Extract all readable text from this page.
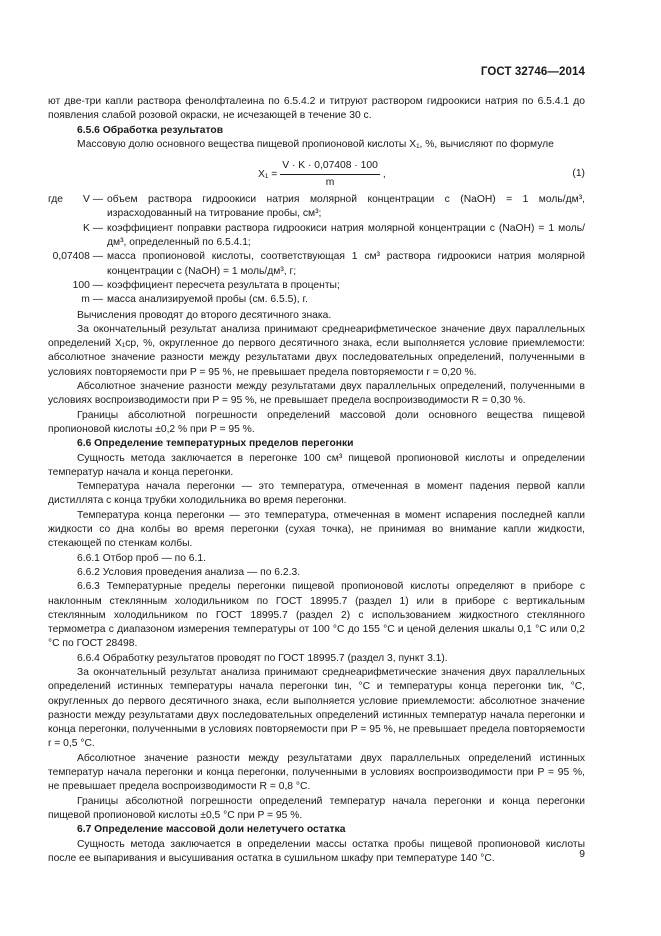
ГОСТ 32746—2014

ют две-три капли раствора фенолфталеина по 6.5.4.2 и титруют раствором гидроокиси натрия по 6.5.4.1 до появления слабой розовой окраски, не исчезающей в течение 30 с.

6.5.6 Обработка результатов

Массовую долю основного вещества пищевой пропионовой кислоты X₁, %, вычисляют по формуле

$X_1 = \frac{V \cdot K \cdot 0,07408 \cdot 100}{m}$ ,	(1)
где	V — объем раствора гидроокиси натрия молярной концентрации c (NaOH) = 1 моль/дм³, израсходованный на титрование пробы, см³;
K — коэффициент поправки раствора гидроокиси натрия молярной концентрации c (NaOH) = 1 моль/дм³, определенный по 6.5.4.1;
0,07408 — масса пропионовой кислоты, соответствующая 1 см³ раствора гидроокиси натрия молярной концентрации c (NaOH) = 1 моль/дм³, г;
100 — коэффициент пересчета результата в проценты;
m — масса анализируемой пробы (см. 6.5.5), г.

Вычисления проводят до второго десятичного знака.

За окончательный результат анализа принимают среднеарифметическое значение двух параллельных определений X₁ср, %, округленное до первого десятичного знака, если выполняется условие приемлемости: абсолютное значение разности между результатами двух последовательных определений, полученными в условиях повторяемости при P = 95 %, не превышает предела повторяемости r = 0,20 %.

Абсолютное значение разности между результатами двух параллельных определений, полученными в условиях воспроизводимости при P = 95 %, не превышает предела воспроизводимости R = 0,30 %.

Границы абсолютной погрешности определений массовой доли основного вещества пищевой пропионовой кислоты ±0,2 % при P = 95 %.

6.6 Определение температурных пределов перегонки

Сущность метода заключается в перегонке 100 см³ пищевой пропионовой кислоты и определении температур начала и конца перегонки.

Температура начала перегонки — это температура, отмеченная в момент падения первой капли дистиллята с конца трубки холодильника во время перегонки.

Температура конца перегонки — это температура, отмеченная в момент испарения последней капли жидкости со дна колбы во время перегонки (сухая точка), не принимая во внимание капли жидкости, стекающей по стенкам колбы.

6.6.1 Отбор проб — по 6.1.

6.6.2 Условия проведения анализа — по 6.2.3.

6.6.3 Температурные пределы перегонки пищевой пропионовой кислоты определяют в приборе с наклонным стеклянным холодильником по ГОСТ 18995.7 (раздел 1) или в приборе с вертикальным стеклянным холодильником по ГОСТ 18995.7 (раздел 2) с использованием жидкостного стеклянного термометра с диапазоном измерения температуры от 100 °С до 155 °С и ценой деления шкалы 0,1 °С или 0,2 °С по ГОСТ 28498.

6.6.4 Обработку результатов проводят по ГОСТ 18995.7 (раздел 3, пункт 3.1).

За окончательный результат анализа принимают среднеарифметические значения двух параллельных определений истинных температуры начала перегонки tин, °С и температуры конца перегонки tик, °С, округленных до первого десятичного знака, если выполняется условие приемлемости: абсолютное значение разности между результатами двух последовательных определений истинных температур начала перегонки и конца перегонки, полученными в условиях повторяемости при P = 95 %, не превышает предела повторяемости r = 0,5 °С.

Абсолютное значение разности между результатами двух параллельных определений истинных температур начала перегонки и конца перегонки, полученными в условиях воспроизводимости при P = 95 %, не превышает предела воспроизводимости R = 0,8 °С.

Границы абсолютной погрешности определений температур начала перегонки и конца перегонки пищевой пропионовой кислоты ±0,5 °С при P = 95 %.

6.7 Определение массовой доли нелетучего остатка

Сущность метода заключается в определении массы остатка пробы пищевой пропионовой кислоты после ее выпаривания и высушивания остатка в сушильном шкафу при температуре 140 °С.	9
